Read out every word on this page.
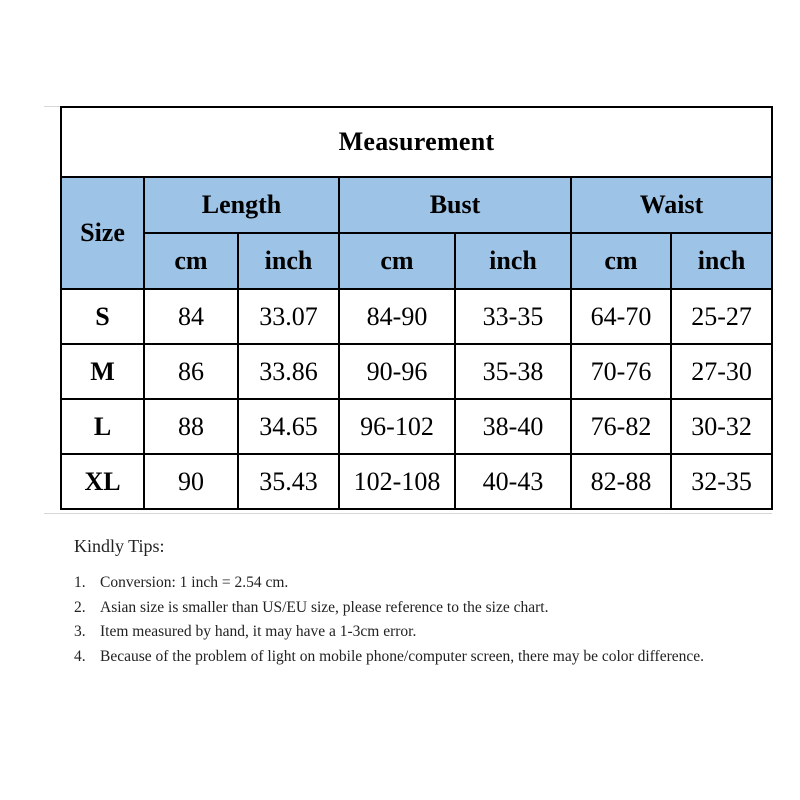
Measurement						
Size	Length		Bust		Waist	
	cm	inch	cm	inch	cm	inch
S	84	33.07	84-90	33-35	64-70	25-27
M	86	33.86	90-96	35-38	70-76	27-30
L	88	34.65	96-102	38-40	76-82	30-32
XL	90	35.43	102-108	40-43	82-88	32-35
Kindly Tips:
1. Conversion: 1 inch = 2.54 cm.
2. Asian size is smaller than US/EU size, please reference to the size chart.
3. Item measured by hand, it may have a 1-3cm error.
4. Because of the problem of light on mobile phone/computer screen, there may be color difference.
